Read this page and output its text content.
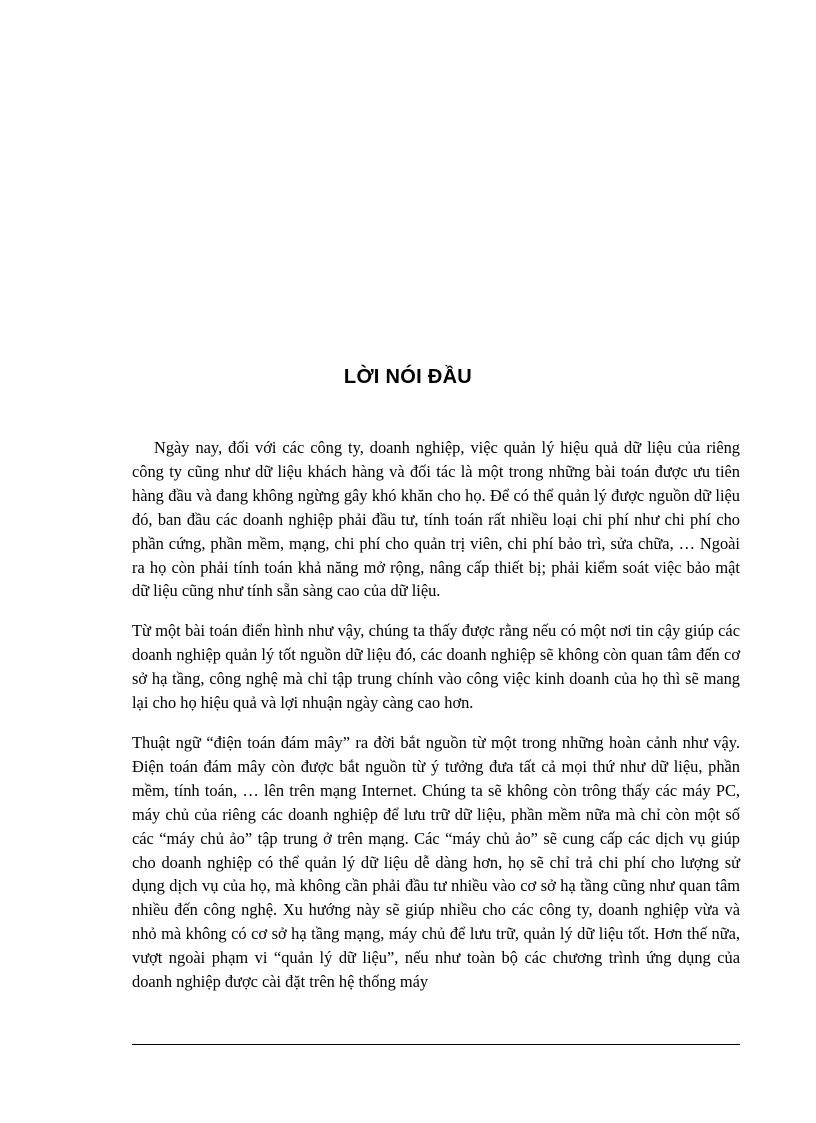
LỜI NÓI ĐẦU

Ngày nay, đối với các công ty, doanh nghiệp, việc quản lý hiệu quả dữ liệu của riêng công ty cũng như dữ liệu khách hàng và đối tác là một trong những bài toán được ưu tiên hàng đầu và đang không ngừng gây khó khăn cho họ. Để có thể quản lý được nguồn dữ liệu đó, ban đầu các doanh nghiệp phải đầu tư, tính toán rất nhiều loại chi phí như chi phí cho phần cứng, phần mềm, mạng, chi phí cho quản trị viên, chi phí bảo trì, sửa chữa, … Ngoài ra họ còn phải tính toán khả năng mở rộng, nâng cấp thiết bị; phải kiểm soát việc bảo mật dữ liệu cũng như tính sẵn sàng cao của dữ liệu.

Từ một bài toán điển hình như vậy, chúng ta thấy được rằng nếu có một nơi tin cậy giúp các doanh nghiệp quản lý tốt nguồn dữ liệu đó, các doanh nghiệp sẽ không còn quan tâm đến cơ sở hạ tầng, công nghệ mà chỉ tập trung chính vào công việc kinh doanh của họ thì sẽ mang lại cho họ hiệu quả và lợi nhuận ngày càng cao hơn.

Thuật ngữ “điện toán đám mây” ra đời bắt nguồn từ một trong những hoàn cảnh như vậy. Điện toán đám mây còn được bắt nguồn từ ý tưởng đưa tất cả mọi thứ như dữ liệu, phần mềm, tính toán, … lên trên mạng Internet. Chúng ta sẽ không còn trông thấy các máy PC, máy chủ của riêng các doanh nghiệp để lưu trữ dữ liệu, phần mềm nữa mà chỉ còn một số các “máy chủ ảo” tập trung ở trên mạng. Các “máy chủ ảo” sẽ cung cấp các dịch vụ giúp cho doanh nghiệp có thể quản lý dữ liệu dễ dàng hơn, họ sẽ chỉ trả chi phí cho lượng sử dụng dịch vụ của họ, mà không cần phải đầu tư nhiều vào cơ sở hạ tầng cũng như quan tâm nhiều đến công nghệ. Xu hướng này sẽ giúp nhiều cho các công ty, doanh nghiệp vừa và nhỏ mà không có cơ sở hạ tầng mạng, máy chủ để lưu trữ, quản lý dữ liệu tốt. Hơn thế nữa, vượt ngoài phạm vi “quản lý dữ liệu”, nếu như toàn bộ các chương trình ứng dụng của doanh nghiệp được cài đặt trên hệ thống máy
